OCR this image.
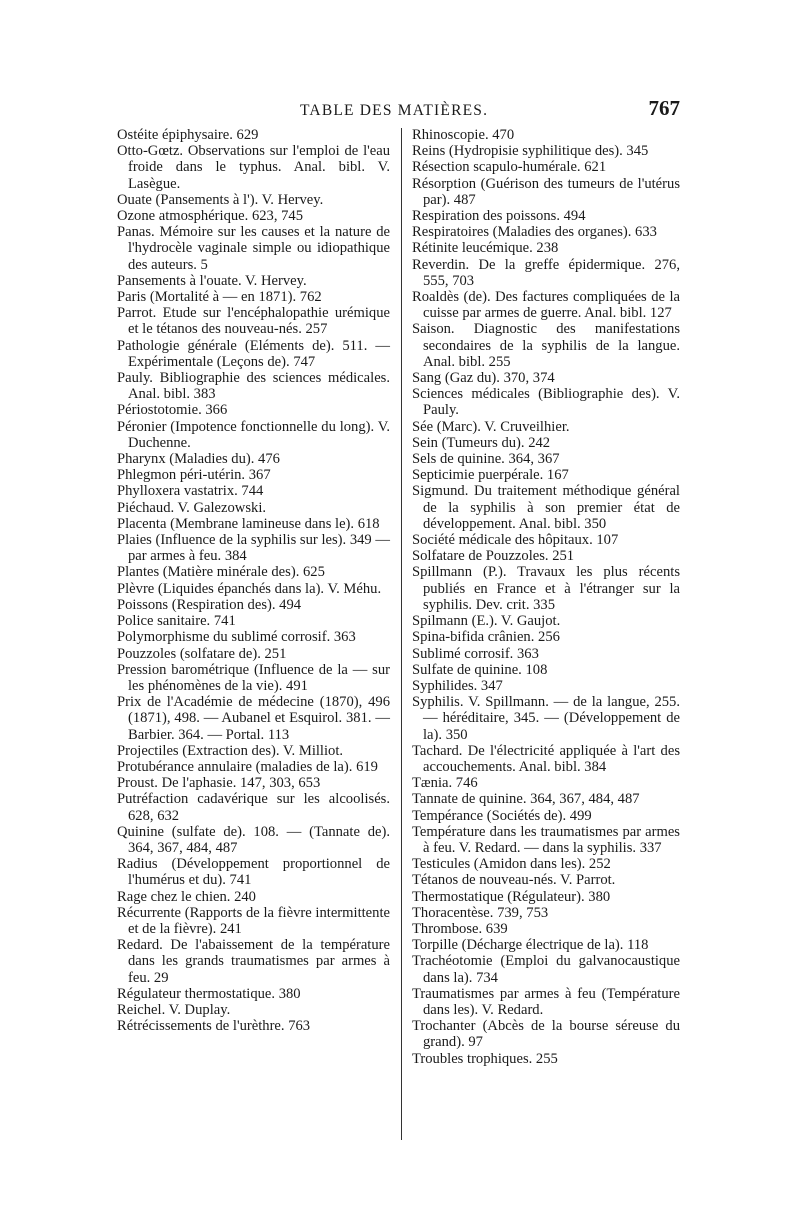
TABLE DES MATIÈRES.	767
Ostéite épiphysaire. 629
Otto-Gœtz. Observations sur l'emploi de l'eau froide dans le typhus. Anal. bibl. V. Lasègue.
Ouate (Pansements à l'). V. Hervey.
Ozone atmosphérique. 623, 745
Panas. Mémoire sur les causes et la nature de l'hydrocèle vaginale simple ou idiopathique des auteurs. 5
Pansements à l'ouate. V. Hervey.
Paris (Mortalité à — en 1871). 762
Parrot. Etude sur l'encéphalopathie urémique et le tétanos des nouveau-nés. 257
Pathologie générale (Eléments de). 511. — Expérimentale (Leçons de). 747
Pauly. Bibliographie des sciences médicales. Anal. bibl. 383
Périostotomie. 366
Péronier (Impotence fonctionnelle du long). V. Duchenne.
Pharynx (Maladies du). 476
Phlegmon péri-utérin. 367
Phylloxera vastatrix. 744
Piéchaud. V. Galezowski.
Placenta (Membrane lamineuse dans le). 618
Plaies (Influence de la syphilis sur les). 349 — par armes à feu. 384
Plantes (Matière minérale des). 625
Plèvre (Liquides épanchés dans la). V. Méhu.
Poissons (Respiration des). 494
Police sanitaire. 741
Polymorphisme du sublimé corrosif. 363
Pouzzoles (solfatare de). 251
Pression barométrique (Influence de la — sur les phénomènes de la vie). 491
Prix de l'Académie de médecine (1870), 496 (1871), 498. — Aubanel et Esquirol. 381. — Barbier. 364. — Portal. 113
Projectiles (Extraction des). V. Milliot.
Protubérance annulaire (maladies de la). 619
Proust. De l'aphasie. 147, 303, 653
Putréfaction cadavérique sur les alcoolisés. 628, 632
Quinine (sulfate de). 108. — (Tannate de). 364, 367, 484, 487
Radius (Développement proportionnel de l'humérus et du). 741
Rage chez le chien. 240
Récurrente (Rapports de la fièvre intermittente et de la fièvre). 241
Redard. De l'abaissement de la température dans les grands traumatismes par armes à feu. 29
Régulateur thermostatique. 380
Reichel. V. Duplay.
Rétrécissements de l'urèthre. 763
Rhinoscopie. 470
Reins (Hydropisie syphilitique des). 345
Résection scapulo-humérale. 621
Résorption (Guérison des tumeurs de l'utérus par). 487
Respiration des poissons. 494
Respiratoires (Maladies des organes). 633
Rétinite leucémique. 238
Reverdin. De la greffe épidermique. 276, 555, 703
Roaldès (de). Des factures compliquées de la cuisse par armes de guerre. Anal. bibl. 127
Saison. Diagnostic des manifestations secondaires de la syphilis de la langue. Anal. bibl. 255
Sang (Gaz du). 370, 374
Sciences médicales (Bibliographie des). V. Pauly.
Sée (Marc). V. Cruveilhier.
Sein (Tumeurs du). 242
Sels de quinine. 364, 367
Septicimie puerpérale. 167
Sigmund. Du traitement méthodique général de la syphilis à son premier état de développement. Anal. bibl. 350
Société médicale des hôpitaux. 107
Solfatare de Pouzzoles. 251
Spillmann (P.). Travaux les plus récents publiés en France et à l'étranger sur la syphilis. Dev. crit. 335
Spilmann (E.). V. Gaujot.
Spina-bifida crânien. 256
Sublimé corrosif. 363
Sulfate de quinine. 108
Syphilides. 347
Syphilis. V. Spillmann. — de la langue, 255. — héréditaire, 345. — (Développement de la). 350
Tachard. De l'électricité appliquée à l'art des accouchements. Anal. bibl. 384
Tænia. 746
Tannate de quinine. 364, 367, 484, 487
Tempérance (Sociétés de). 499
Température dans les traumatismes par armes à feu. V. Redard. — dans la syphilis. 337
Testicules (Amidon dans les). 252
Tétanos de nouveau-nés. V. Parrot.
Thermostatique (Régulateur). 380
Thoracentèse. 739, 753
Thrombose. 639
Torpille (Décharge électrique de la). 118
Trachéotomie (Emploi du galvanocaustique dans la). 734
Traumatismes par armes à feu (Température dans les). V. Redard.
Trochanter (Abcès de la bourse séreuse du grand). 97
Troubles trophiques. 255
